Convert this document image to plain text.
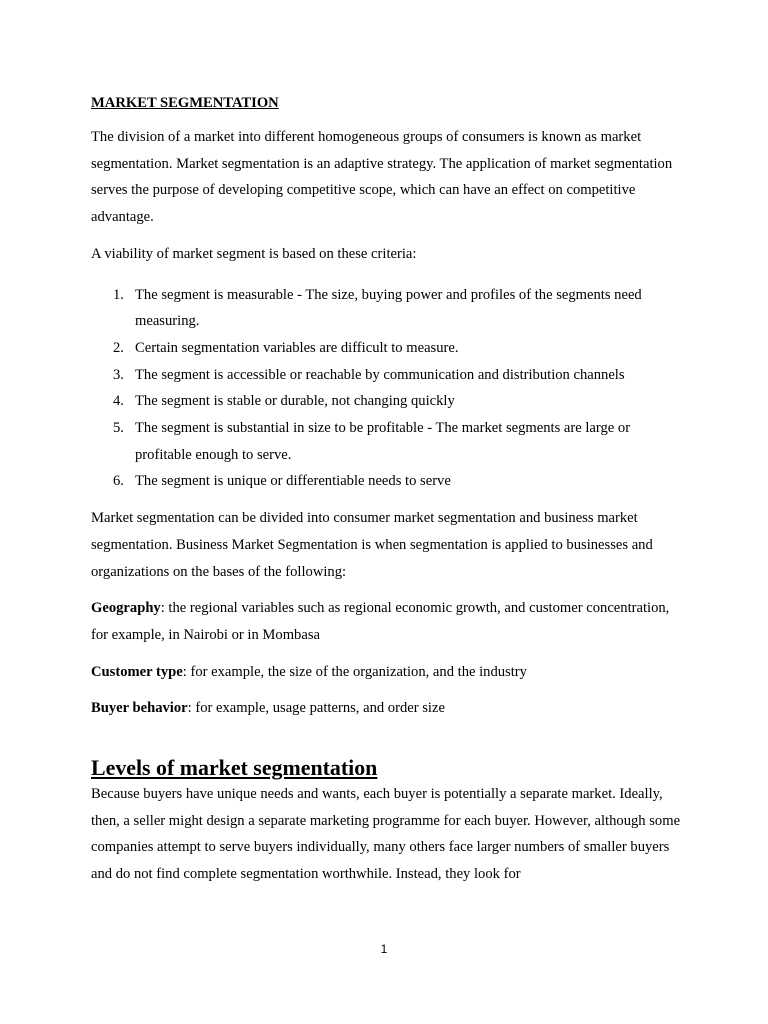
MARKET SEGMENTATION

The division of a market into different homogeneous groups of consumers is known as market segmentation. Market segmentation is an adaptive strategy. The application of market segmentation serves the purpose of developing competitive scope, which can have an effect on competitive advantage.

A viability of market segment is based on these criteria:

1. The segment is measurable - The size, buying power and profiles of the segments need measuring.
2. Certain segmentation variables are difficult to measure.
3. The segment is accessible or reachable by communication and distribution channels
4. The segment is stable or durable, not changing quickly
5. The segment is substantial in size to be profitable - The market segments are large or profitable enough to serve.
6. The segment is unique or differentiable needs to serve

Market segmentation can be divided into consumer market segmentation and business market segmentation. Business Market Segmentation is when segmentation is applied to businesses and organizations on the bases of the following:

Geography: the regional variables such as regional economic growth, and customer concentration, for example, in Nairobi or in Mombasa

Customer type: for example, the size of the organization, and the industry

Buyer behavior: for example, usage patterns, and order size

Levels of market segmentation

Because buyers have unique needs and wants, each buyer is potentially a separate market. Ideally, then, a seller might design a separate marketing programme for each buyer. However, although some companies attempt to serve buyers individually, many others face larger numbers of smaller buyers and do not find complete segmentation worthwhile. Instead, they look for

1
